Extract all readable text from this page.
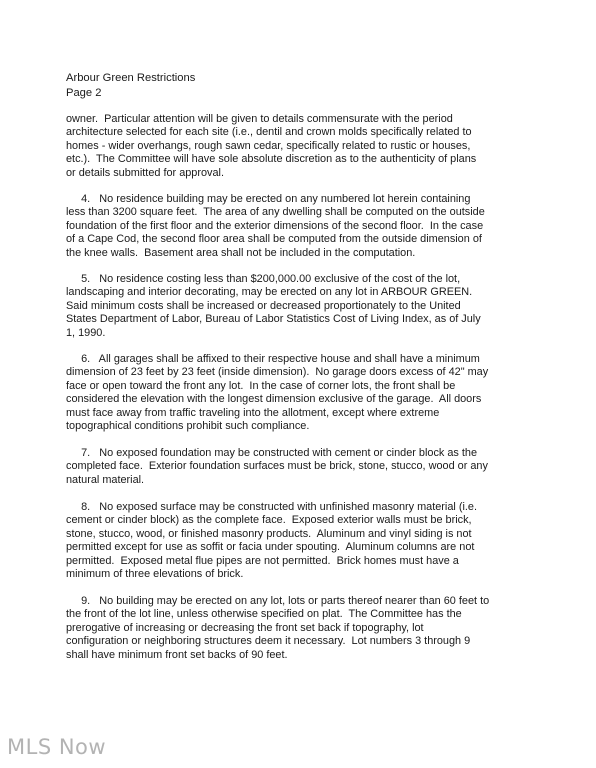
Arbour Green Restrictions
Page 2
owner.  Particular attention will be given to details commensurate with the period
architecture selected for each site (i.e., dentil and crown molds specifically related to
homes - wider overhangs, rough sawn cedar, specifically related to rustic or houses,
etc.).  The Committee will have sole absolute discretion as to the authenticity of plans
or details submitted for approval.
4.   No residence building may be erected on any numbered lot herein containing
less than 3200 square feet.  The area of any dwelling shall be computed on the outside
foundation of the first floor and the exterior dimensions of the second floor.  In the case
of a Cape Cod, the second floor area shall be computed from the outside dimension of
the knee walls.  Basement area shall not be included in the computation.
5.   No residence costing less than $200,000.00 exclusive of the cost of the lot,
landscaping and interior decorating, may be erected on any lot in ARBOUR GREEN.
Said minimum costs shall be increased or decreased proportionately to the United
States Department of Labor, Bureau of Labor Statistics Cost of Living Index, as of July
1, 1990.
6.   All garages shall be affixed to their respective house and shall have a minimum
dimension of 23 feet by 23 feet (inside dimension).  No garage doors excess of 42" may
face or open toward the front any lot.  In the case of corner lots, the front shall be
considered the elevation with the longest dimension exclusive of the garage.  All doors
must face away from traffic traveling into the allotment, except where extreme
topographical conditions prohibit such compliance.
7.   No exposed foundation may be constructed with cement or cinder block as the
completed face.  Exterior foundation surfaces must be brick, stone, stucco, wood or any
natural material.
8.   No exposed surface may be constructed with unfinished masonry material (i.e.
cement or cinder block) as the complete face.  Exposed exterior walls must be brick,
stone, stucco, wood, or finished masonry products.  Aluminum and vinyl siding is not
permitted except for use as soffit or facia under spouting.  Aluminum columns are not
permitted.  Exposed metal flue pipes are not permitted.  Brick homes must have a
minimum of three elevations of brick.
9.   No building may be erected on any lot, lots or parts thereof nearer than 60 feet to
the front of the lot line, unless otherwise specified on plat.  The Committee has the
prerogative of increasing or decreasing the front set back if topography, lot
configuration or neighboring structures deem it necessary.  Lot numbers 3 through 9
shall have minimum front set backs of 90 feet.
MLS Now
